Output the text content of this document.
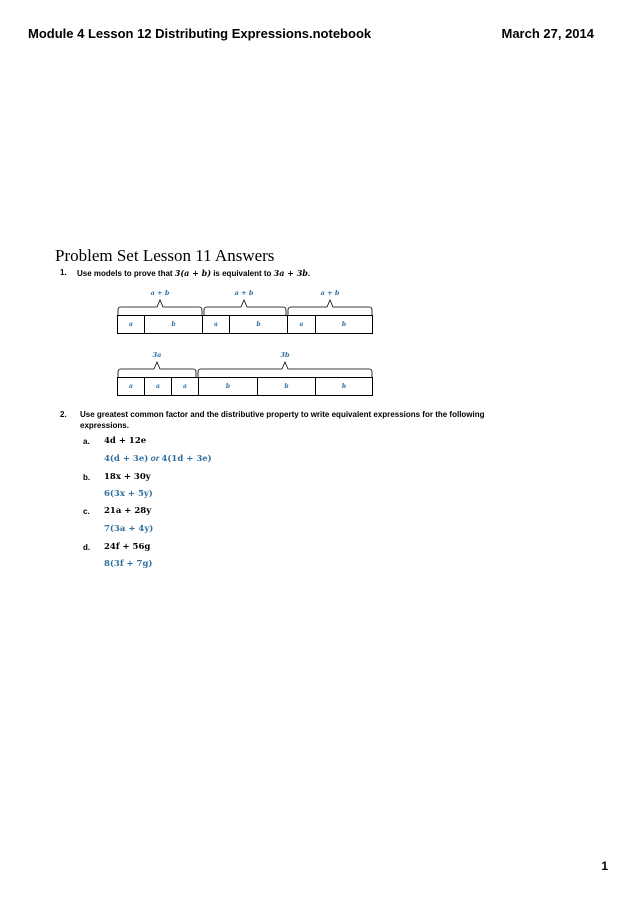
Module 4 Lesson 12 Distributing Expressions.notebook	March 27, 2014
Problem Set Lesson 11 Answers
1. Use models to prove that 3(a + b) is equivalent to 3a + 3b.
a + b	a + b	a + b
a	b	a	b	a	b
3a	3b
a	a	a	b	b	b
2. Use greatest common factor and the distributive property to write equivalent expressions for the following
expressions.
a. 4d + 12e
4(d + 3e) or 4(1d + 3e)
b. 18x + 30y
6(3x + 5y)
c. 21a + 28y
7(3a + 4y)
d. 24f + 56g
8(3f + 7g)
1
